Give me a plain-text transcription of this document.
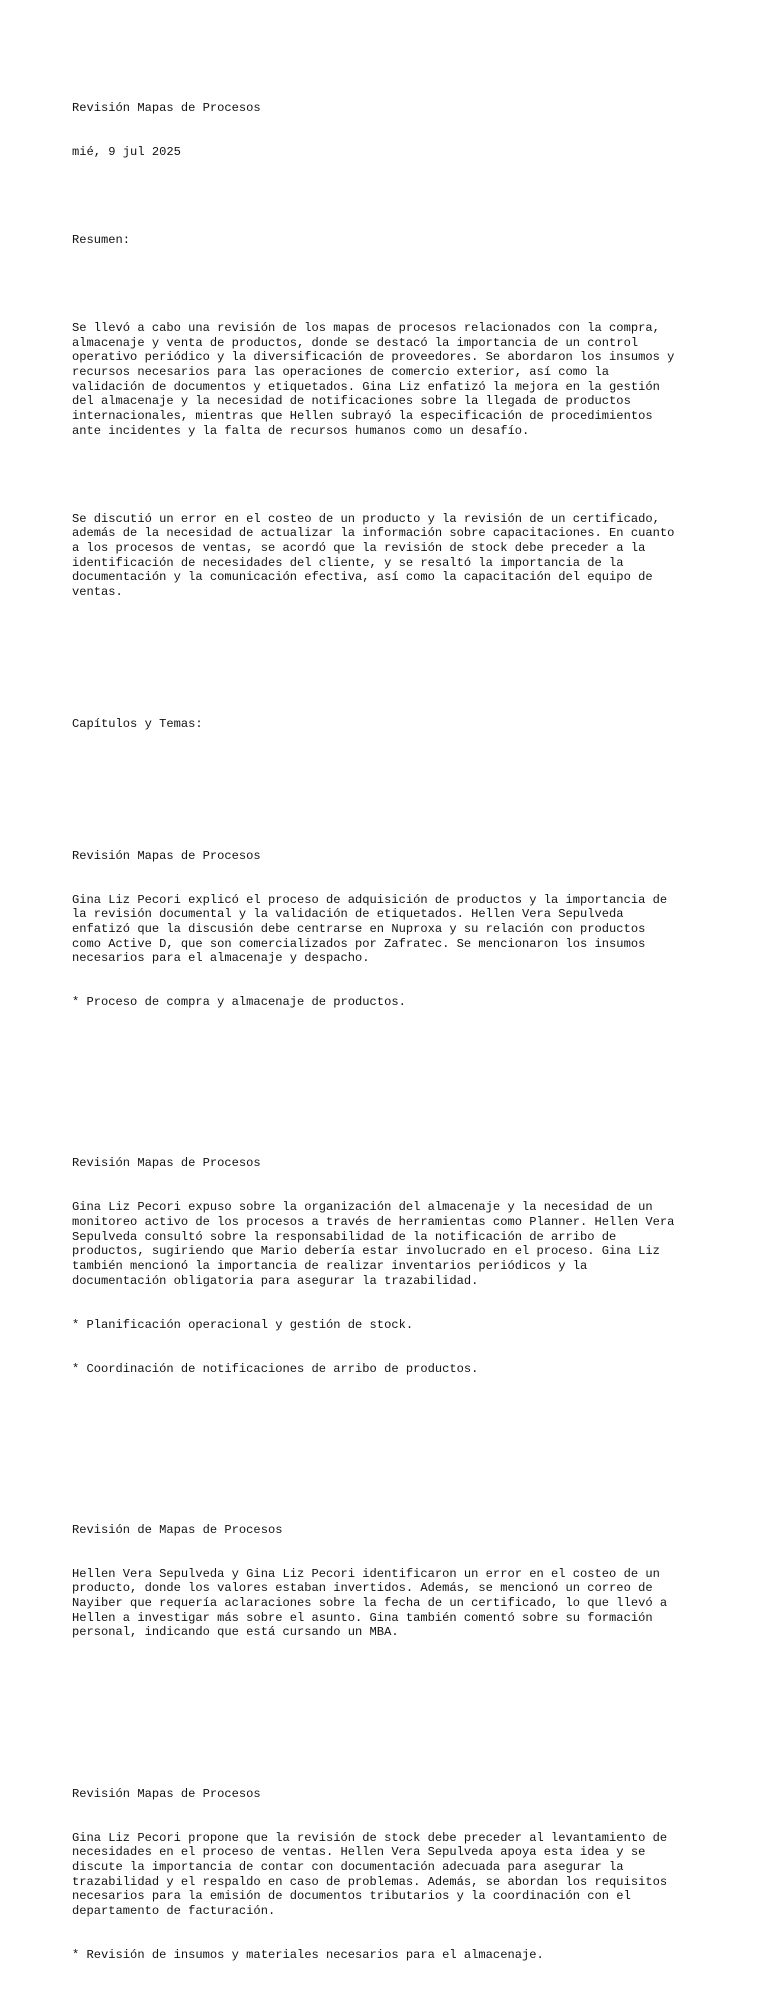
Revisión Mapas de Procesos

mié, 9 jul 2025

Resumen:

Se llevó a cabo una revisión de los mapas de procesos relacionados con la compra,
almacenaje y venta de productos, donde se destacó la importancia de un control
operativo periódico y la diversificación de proveedores. Se abordaron los insumos y
recursos necesarios para las operaciones de comercio exterior, así como la
validación de documentos y etiquetados. Gina Liz enfatizó la mejora en la gestión
del almacenaje y la necesidad de notificaciones sobre la llegada de productos
internacionales, mientras que Hellen subrayó la especificación de procedimientos
ante incidentes y la falta de recursos humanos como un desafío.

Se discutió un error en el costeo de un producto y la revisión de un certificado,
además de la necesidad de actualizar la información sobre capacitaciones. En cuanto
a los procesos de ventas, se acordó que la revisión de stock debe preceder a la
identificación de necesidades del cliente, y se resaltó la importancia de la
documentación y la comunicación efectiva, así como la capacitación del equipo de
ventas.

Capítulos y Temas:

Revisión Mapas de Procesos

Gina Liz Pecori explicó el proceso de adquisición de productos y la importancia de
la revisión documental y la validación de etiquetados. Hellen Vera Sepulveda
enfatizó que la discusión debe centrarse en Nuproxa y su relación con productos
como Active D, que son comercializados por Zafratec. Se mencionaron los insumos
necesarios para el almacenaje y despacho.

* Proceso de compra y almacenaje de productos.

Revisión Mapas de Procesos

Gina Liz Pecori expuso sobre la organización del almacenaje y la necesidad de un
monitoreo activo de los procesos a través de herramientas como Planner. Hellen Vera
Sepulveda consultó sobre la responsabilidad de la notificación de arribo de
productos, sugiriendo que Mario debería estar involucrado en el proceso. Gina Liz
también mencionó la importancia de realizar inventarios periódicos y la
documentación obligatoria para asegurar la trazabilidad.

* Planificación operacional y gestión de stock.

* Coordinación de notificaciones de arribo de productos.

Revisión de Mapas de Procesos

Hellen Vera Sepulveda y Gina Liz Pecori identificaron un error en el costeo de un
producto, donde los valores estaban invertidos. Además, se mencionó un correo de
Nayiber que requería aclaraciones sobre la fecha de un certificado, lo que llevó a
Hellen a investigar más sobre el asunto. Gina también comentó sobre su formación
personal, indicando que está cursando un MBA.

Revisión Mapas de Procesos

Gina Liz Pecori propone que la revisión de stock debe preceder al levantamiento de
necesidades en el proceso de ventas. Hellen Vera Sepulveda apoya esta idea y se
discute la importancia de contar con documentación adecuada para asegurar la
trazabilidad y el respaldo en caso de problemas. Además, se abordan los requisitos
necesarios para la emisión de documentos tributarios y la coordinación con el
departamento de facturación.

* Revisión de insumos y materiales necesarios para el almacenaje.
